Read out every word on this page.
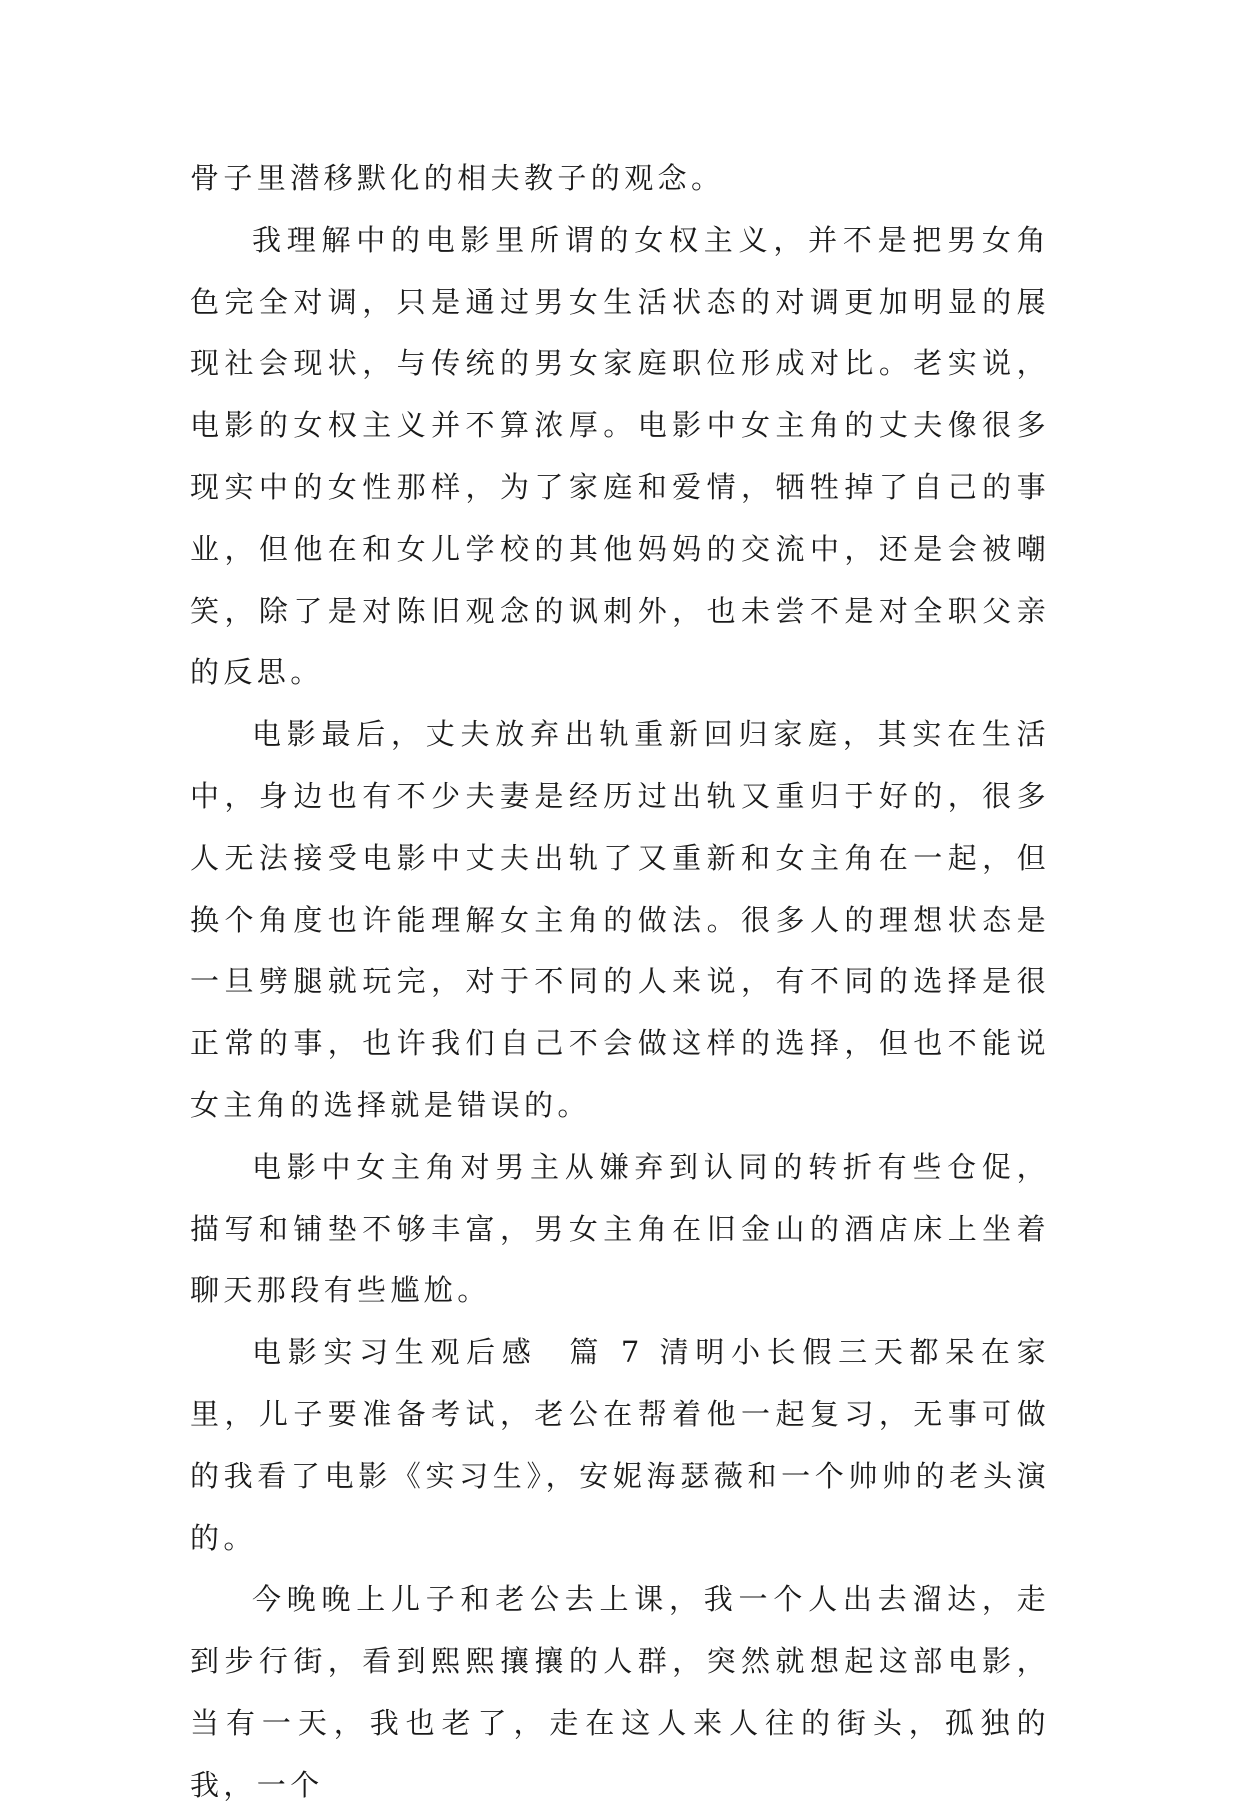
骨子里潜移默化的相夫教子的观念。

我理解中的电影里所谓的女权主义，并不是把男女角色完全对调，只是通过男女生活状态的对调更加明显的展现社会现状，与传统的男女家庭职位形成对比。老实说，电影的女权主义并不算浓厚。电影中女主角的丈夫像很多现实中的女性那样，为了家庭和爱情，牺牲掉了自己的事业，但他在和女儿学校的其他妈妈的交流中，还是会被嘲笑，除了是对陈旧观念的讽刺外，也未尝不是对全职父亲的反思。

电影最后，丈夫放弃出轨重新回归家庭，其实在生活中，身边也有不少夫妻是经历过出轨又重归于好的，很多人无法接受电影中丈夫出轨了又重新和女主角在一起，但换个角度也许能理解女主角的做法。很多人的理想状态是一旦劈腿就玩完，对于不同的人来说，有不同的选择是很正常的事，也许我们自己不会做这样的选择，但也不能说女主角的选择就是错误的。

电影中女主角对男主从嫌弃到认同的转折有些仓促，描写和铺垫不够丰富，男女主角在旧金山的酒店床上坐着聊天那段有些尴尬。

电影实习生观后感  篇 7 清明小长假三天都呆在家里，儿子要准备考试，老公在帮着他一起复习，无事可做的我看了电影《实习生》，安妮海瑟薇和一个帅帅的老头演的。

今晚晚上儿子和老公去上课，我一个人出去溜达，走到步行街，看到熙熙攘攘的人群，突然就想起这部电影，当有一天，我也老了，走在这人来人往的街头，孤独的我，一个
